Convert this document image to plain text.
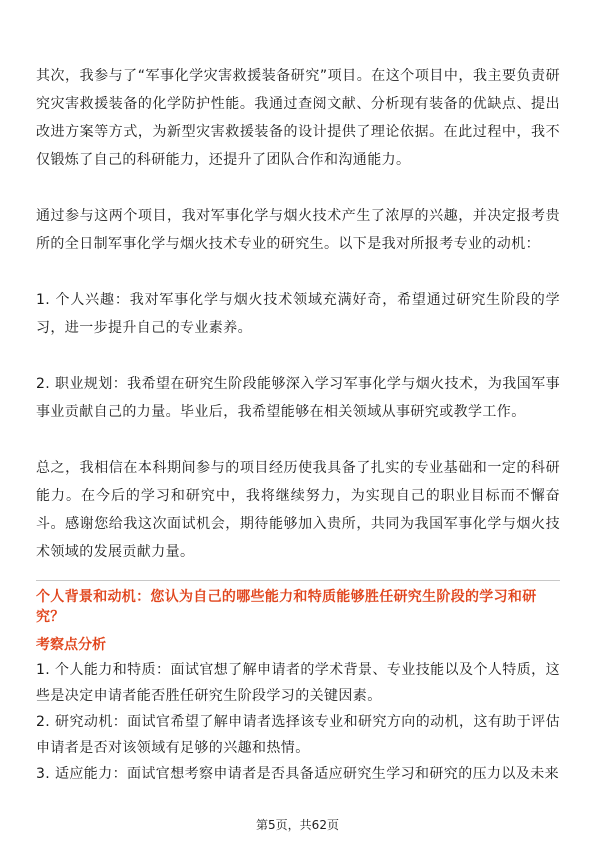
其次，我参与了“军事化学灾害救援装备研究”项目。在这个项目中，我主要负责研究灾害救援装备的化学防护性能。我通过查阅文献、分析现有装备的优缺点、提出改进方案等方式，为新型灾害救援装备的设计提供了理论依据。在此过程中，我不仅锻炼了自己的科研能力，还提升了团队合作和沟通能力。

通过参与这两个项目，我对军事化学与烟火技术产生了浓厚的兴趣，并决定报考贵所的全日制军事化学与烟火技术专业的研究生。以下是我对所报考专业的动机：

1. 个人兴趣：我对军事化学与烟火技术领域充满好奇，希望通过研究生阶段的学习，进一步提升自己的专业素养。

2. 职业规划：我希望在研究生阶段能够深入学习军事化学与烟火技术，为我国军事事业贡献自己的力量。毕业后，我希望能够在相关领域从事研究或教学工作。

总之，我相信在本科期间参与的项目经历使我具备了扎实的专业基础和一定的科研能力。在今后的学习和研究中，我将继续努力，为实现自己的职业目标而不懈奋斗。感谢您给我这次面试机会，期待能够加入贵所，共同为我国军事化学与烟火技术领域的发展贡献力量。

个人背景和动机：您认为自己的哪些能力和特质能够胜任研究生阶段的学习和研究？

考察点分析

1. 个人能力和特质：面试官想了解申请者的学术背景、专业技能以及个人特质，这些是决定申请者能否胜任研究生阶段学习的关键因素。

2. 研究动机：面试官希望了解申请者选择该专业和研究方向的动机，这有助于评估申请者是否对该领域有足够的兴趣和热情。

3. 适应能力：面试官想考察申请者是否具备适应研究生学习和研究的压力以及未来

第5页，共62页
